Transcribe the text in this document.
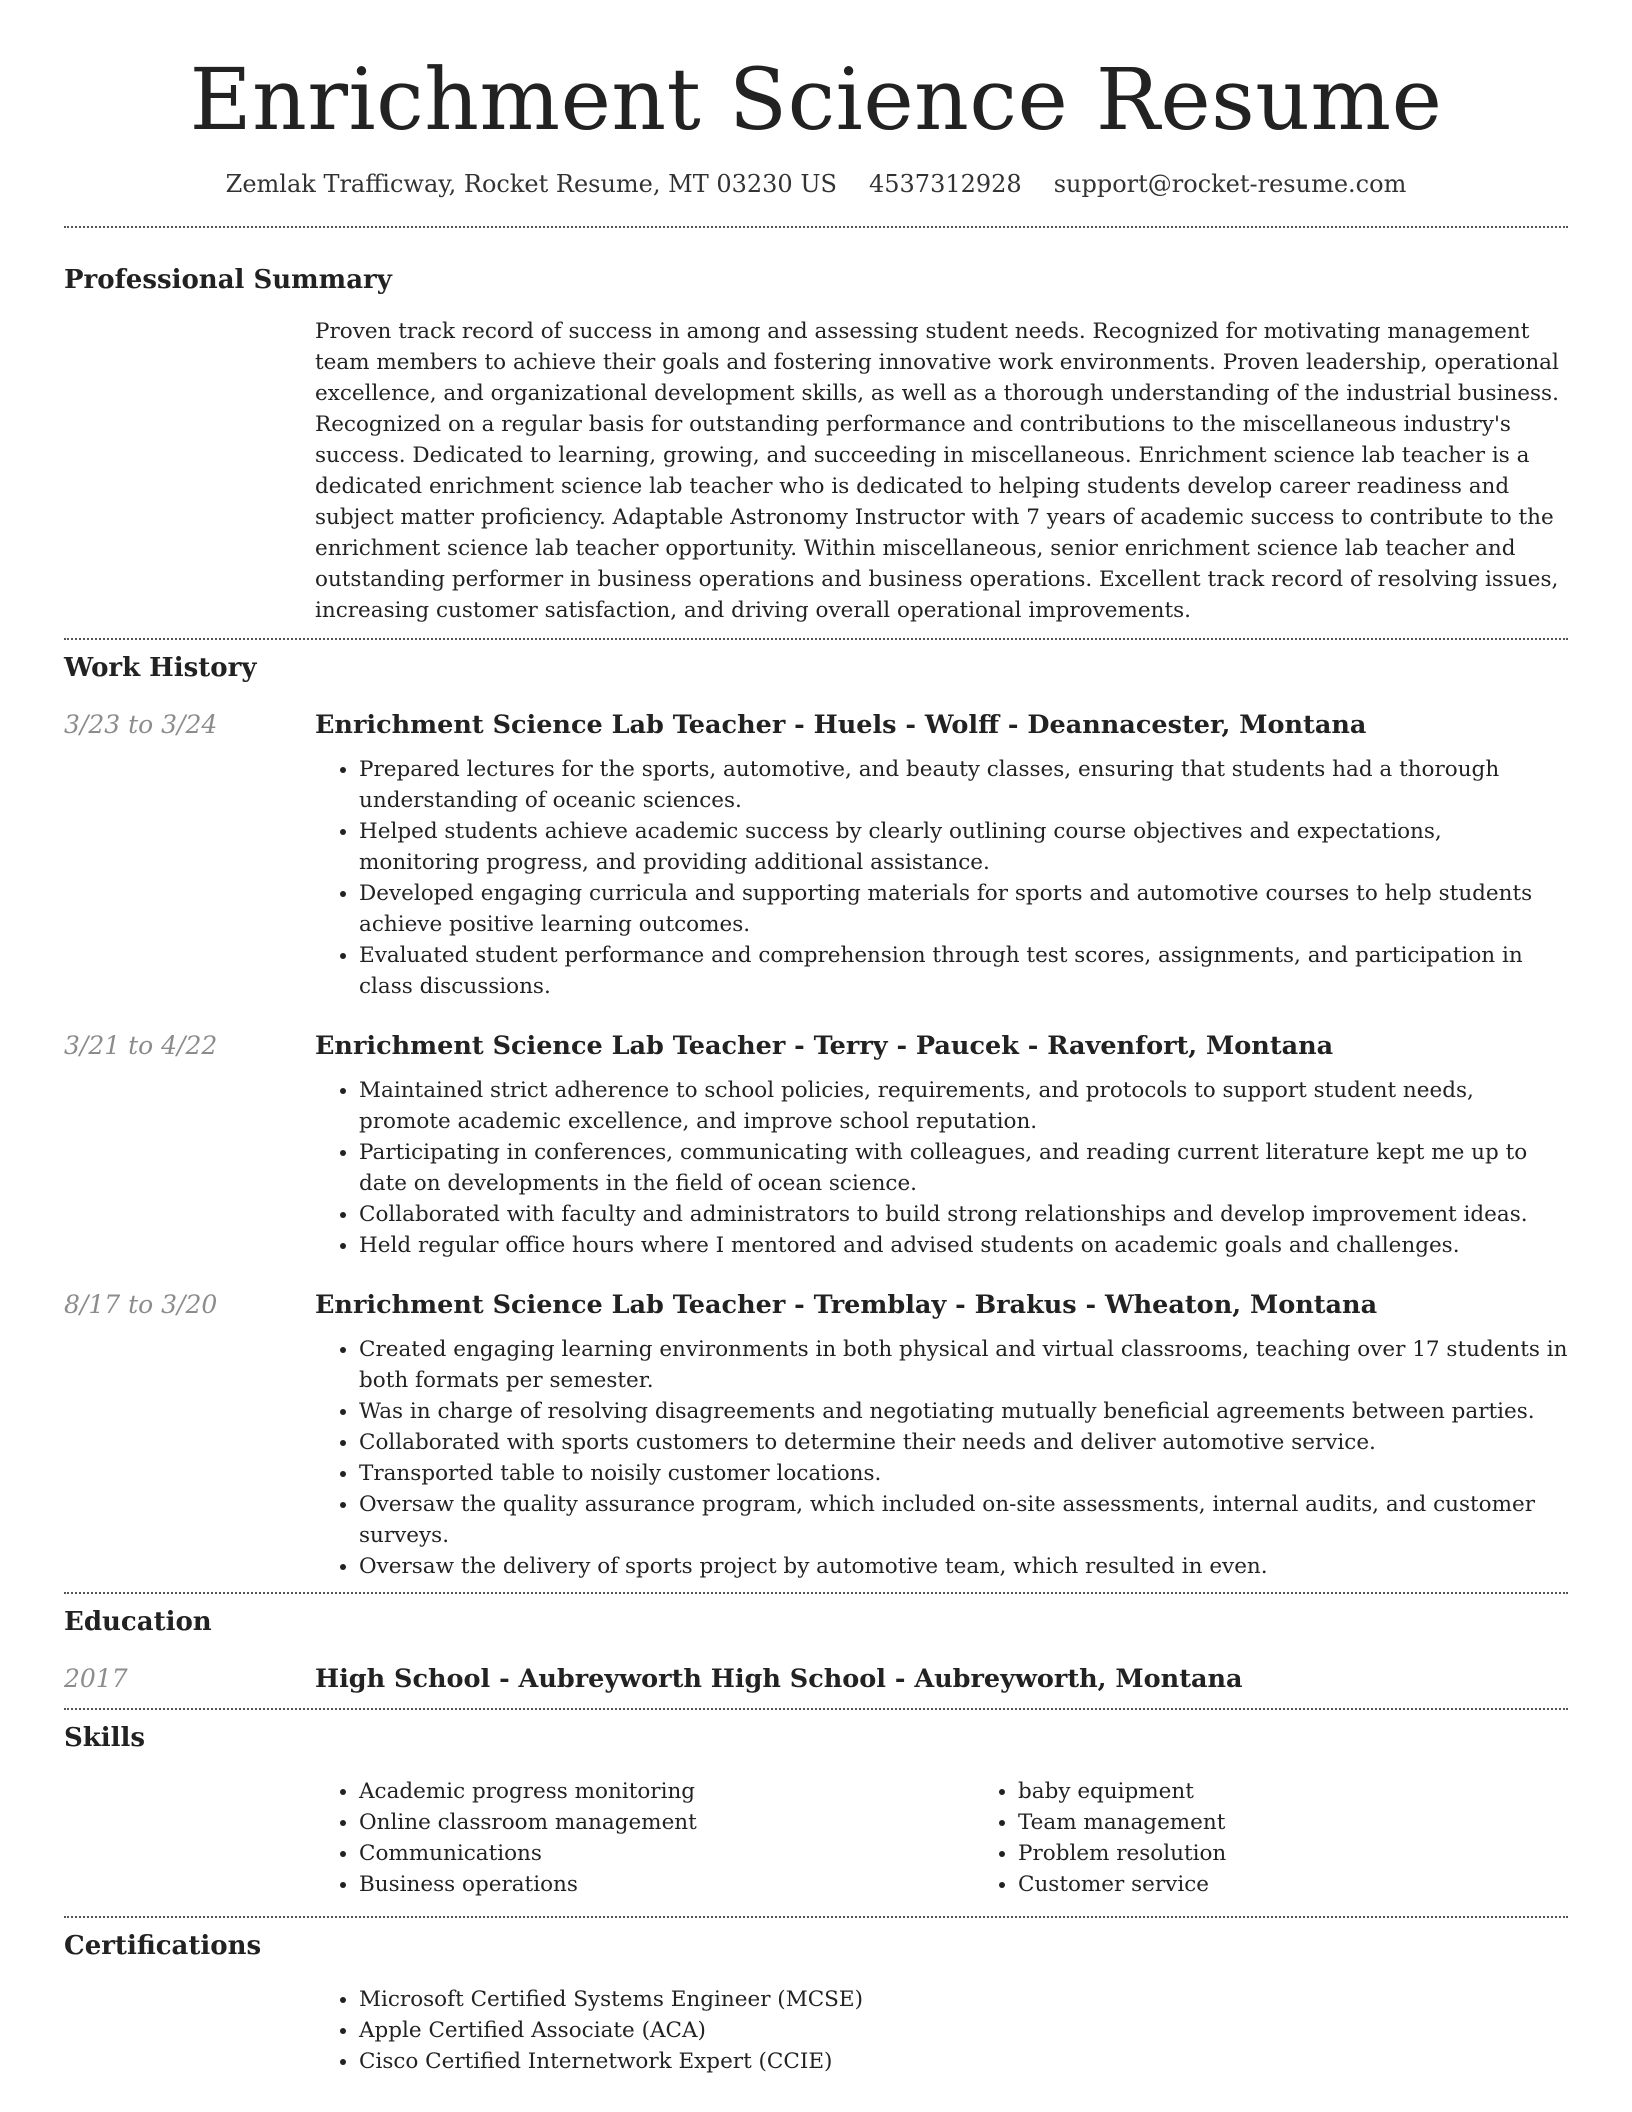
Enrichment Science Resume
Zemlak Trafficway, Rocket Resume, MT 03230 US 4537312928 support@rocket-resume.com
Professional Summary

Proven track record of success in among and assessing student needs. Recognized for motivating management team members to achieve their goals and fostering innovative work environments. Proven leadership, operational excellence, and organizational development skills, as well as a thorough understanding of the industrial business. Recognized on a regular basis for outstanding performance and contributions to the miscellaneous industry's success. Dedicated to learning, growing, and succeeding in miscellaneous. Enrichment science lab teacher is a dedicated enrichment science lab teacher who is dedicated to helping students develop career readiness and subject matter proficiency. Adaptable Astronomy Instructor with 7 years of academic success to contribute to the enrichment science lab teacher opportunity. Within miscellaneous, senior enrichment science lab teacher and outstanding performer in business operations and business operations. Excellent track record of resolving issues, increasing customer satisfaction, and driving overall operational improvements.

Work History
3/23 to 3/24	Enrichment Science Lab Teacher - Huels - Wolff - Deannacester, Montana
• Prepared lectures for the sports, automotive, and beauty classes, ensuring that students had a thorough understanding of oceanic sciences.
• Helped students achieve academic success by clearly outlining course objectives and expectations, monitoring progress, and providing additional assistance.
• Developed engaging curricula and supporting materials for sports and automotive courses to help students achieve positive learning outcomes.
• Evaluated student performance and comprehension through test scores, assignments, and participation in class discussions.
3/21 to 4/22	Enrichment Science Lab Teacher - Terry - Paucek - Ravenfort, Montana
• Maintained strict adherence to school policies, requirements, and protocols to support student needs, promote academic excellence, and improve school reputation.
• Participating in conferences, communicating with colleagues, and reading current literature kept me up to date on developments in the field of ocean science.
• Collaborated with faculty and administrators to build strong relationships and develop improvement ideas.
• Held regular office hours where I mentored and advised students on academic goals and challenges.
8/17 to 3/20	Enrichment Science Lab Teacher - Tremblay - Brakus - Wheaton, Montana
• Created engaging learning environments in both physical and virtual classrooms, teaching over 17 students in both formats per semester.
• Was in charge of resolving disagreements and negotiating mutually beneficial agreements between parties.
• Collaborated with sports customers to determine their needs and deliver automotive service.
• Transported table to noisily customer locations.
• Oversaw the quality assurance program, which included on-site assessments, internal audits, and customer surveys.
• Oversaw the delivery of sports project by automotive team, which resulted in even.
Education
2017	High School - Aubreyworth High School - Aubreyworth, Montana
Skills
• Academic progress monitoring
• Online classroom management
• Communications
• Business operations
• baby equipment
• Team management
• Problem resolution
• Customer service
Certifications
• Microsoft Certified Systems Engineer (MCSE)
• Apple Certified Associate (ACA)
• Cisco Certified Internetwork Expert (CCIE)
